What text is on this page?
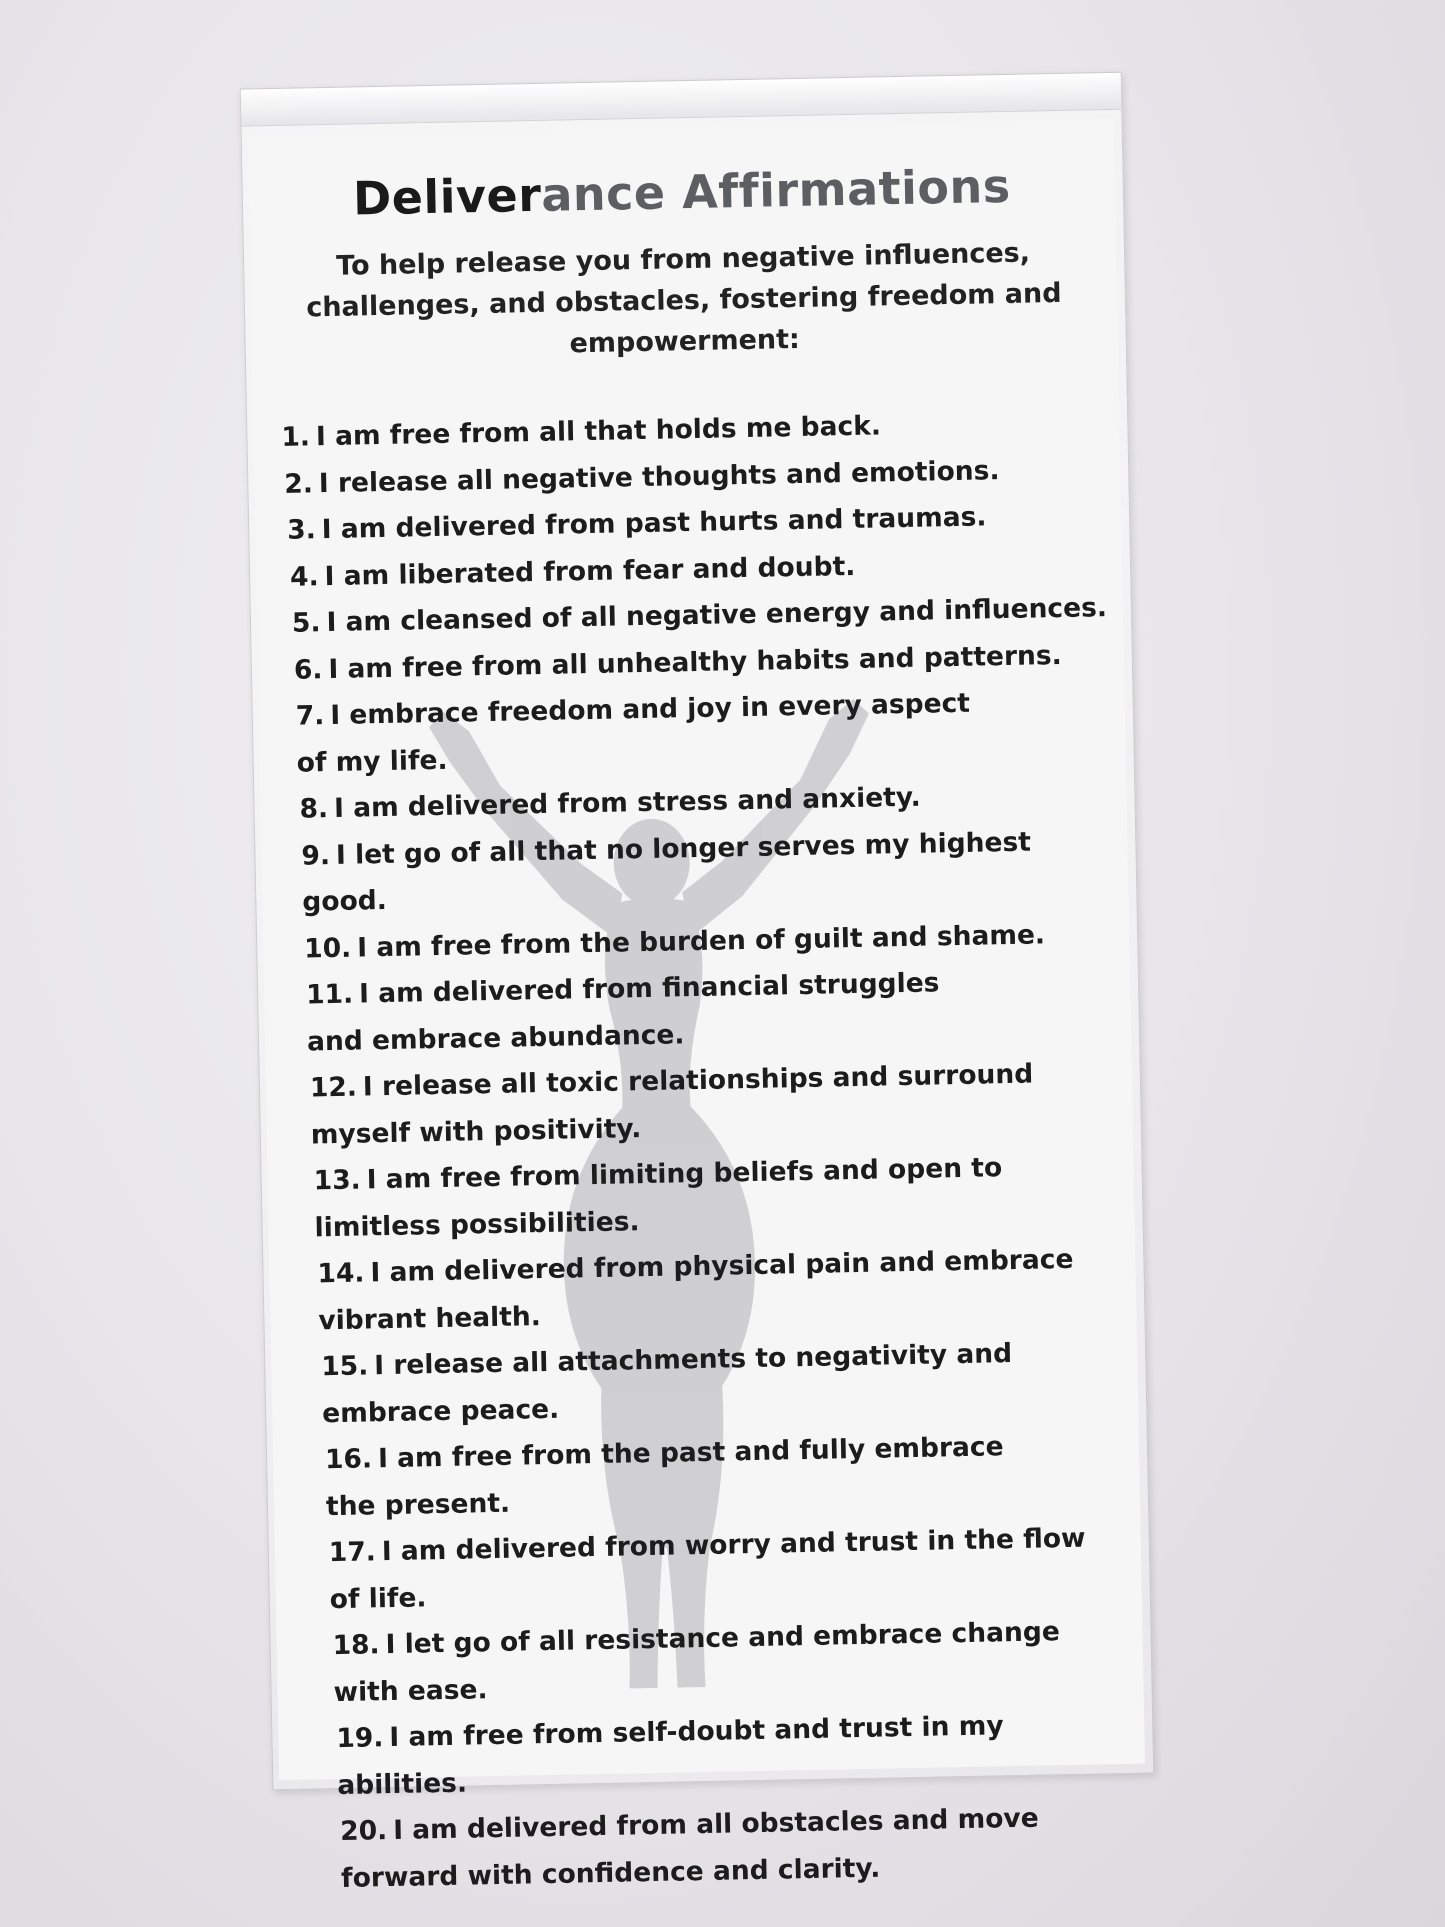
Deliverance Affirmations
To help release you from negative influences, challenges, and obstacles, fostering freedom and empowerment:
1. I am free from all that holds me back.
2. I release all negative thoughts and emotions.
3. I am delivered from past hurts and traumas.
4. I am liberated from fear and doubt.
5. I am cleansed of all negative energy and influences.
6. I am free from all unhealthy habits and patterns.
7. I embrace freedom and joy in every aspect of my life.
8. I am delivered from stress and anxiety.
9. I let go of all that no longer serves my highest good.
10. I am free from the burden of guilt and shame.
11. I am delivered from financial struggles and embrace abundance.
12. I release all toxic relationships and surround myself with positivity.
13. I am free from limiting beliefs and open to limitless possibilities.
14. I am delivered from physical pain and embrace vibrant health.
15. I release all attachments to negativity and embrace peace.
16. I am free from the past and fully embrace the present.
17. I am delivered from worry and trust in the flow of life.
18. I let go of all resistance and embrace change with ease.
19. I am free from self-doubt and trust in my abilities.
20. I am delivered from all obstacles and move forward with confidence and clarity.
